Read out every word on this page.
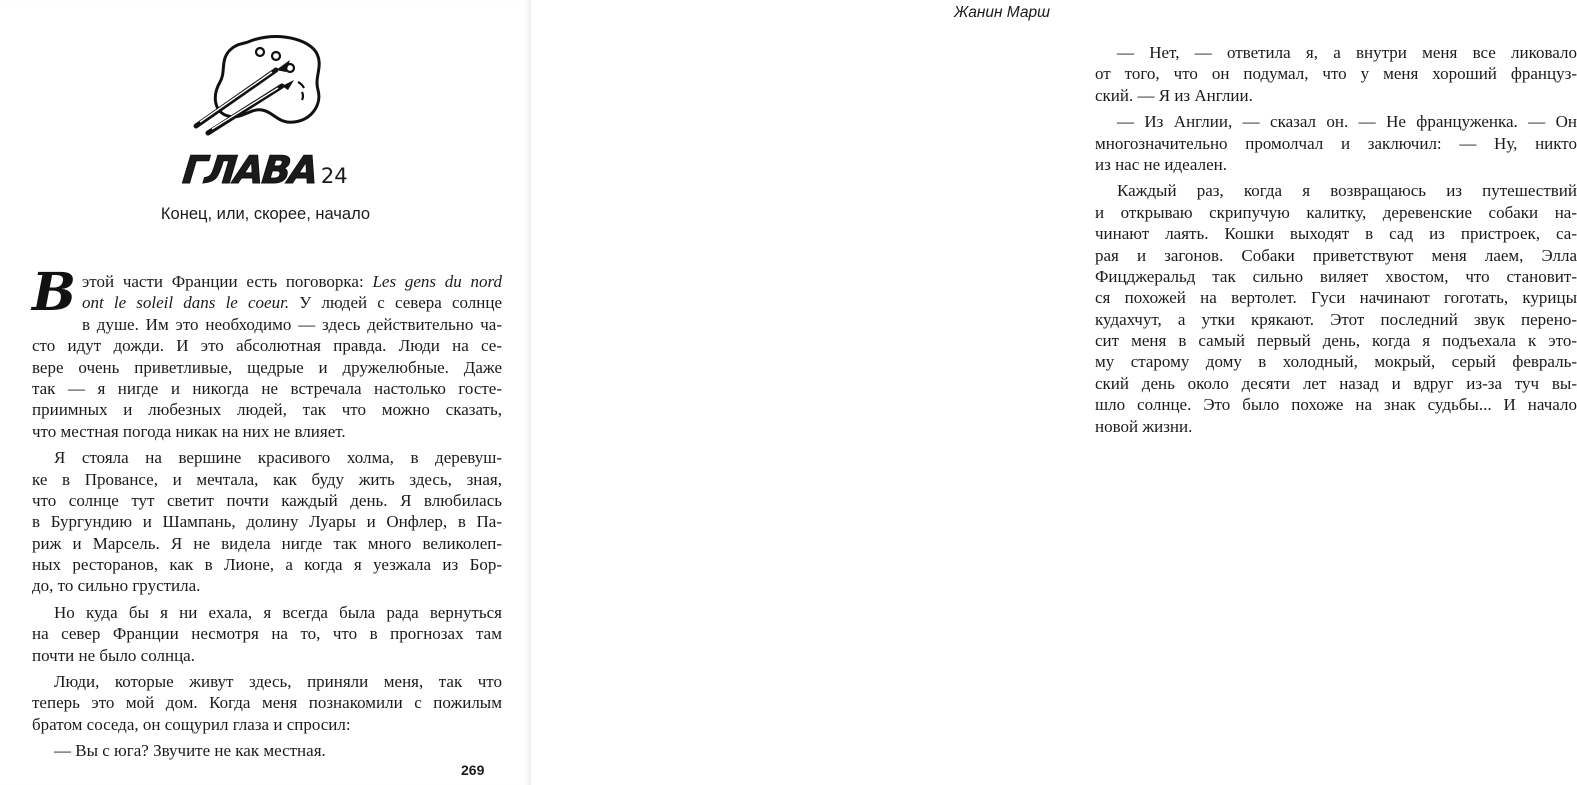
ГЛАВА24
Конец, или, скорее, начало
В этой части Франции есть поговорка: Les gens du nord
ont le soleil dans le coeur. У людей с севера солнце
в душе. Им это необходимо — здесь действительно ча-
сто идут дожди. И это абсолютная правда. Люди на се-
вере очень приветливые, щедрые и дружелюбные. Даже
так — я нигде и никогда не встречала настолько госте-
приимных и любезных людей, так что можно сказать,
что местная погода никак на них не влияет.
Я стояла на вершине красивого холма, в деревуш-
ке в Провансе, и мечтала, как буду жить здесь, зная,
что солнце тут светит почти каждый день. Я влюбилась
в Бургундию и Шампань, долину Луары и Онфлер, в Па-
риж и Марсель. Я не видела нигде так много великолеп-
ных ресторанов, как в Лионе, а когда я уезжала из Бор-
до, то сильно грустила.
Но куда бы я ни ехала, я всегда была рада вернуться
на север Франции несмотря на то, что в прогнозах там
почти не было солнца.
Люди, которые живут здесь, приняли меня, так что
теперь это мой дом. Когда меня познакомили с пожилым
братом соседа, он сощурил глаза и спросил:
— Вы с юга? Звучите не как местная.
269
Жанин Марш
— Нет, — ответила я, а внутри меня все ликовало
от того, что он подумал, что у меня хороший француз-
ский. — Я из Англии.
— Из Англии, — сказал он. — Не француженка. — Он
многозначительно промолчал и заключил: — Ну, никто
из нас не идеален.
Каждый раз, когда я возвращаюсь из путешествий
и открываю скрипучую калитку, деревенские собаки на-
чинают лаять. Кошки выходят в сад из пристроек, са-
рая и загонов. Собаки приветствуют меня лаем, Элла
Фицджеральд так сильно виляет хвостом, что становит-
ся похожей на вертолет. Гуси начинают гоготать, курицы
кудахчут, а утки крякают. Этот последний звук перено-
сит меня в самый первый день, когда я подъехала к это-
му старому дому в холодный, мокрый, серый февраль-
ский день около десяти лет назад и вдруг из-за туч вы-
шло солнце. Это было похоже на знак судьбы... И начало
новой жизни.
